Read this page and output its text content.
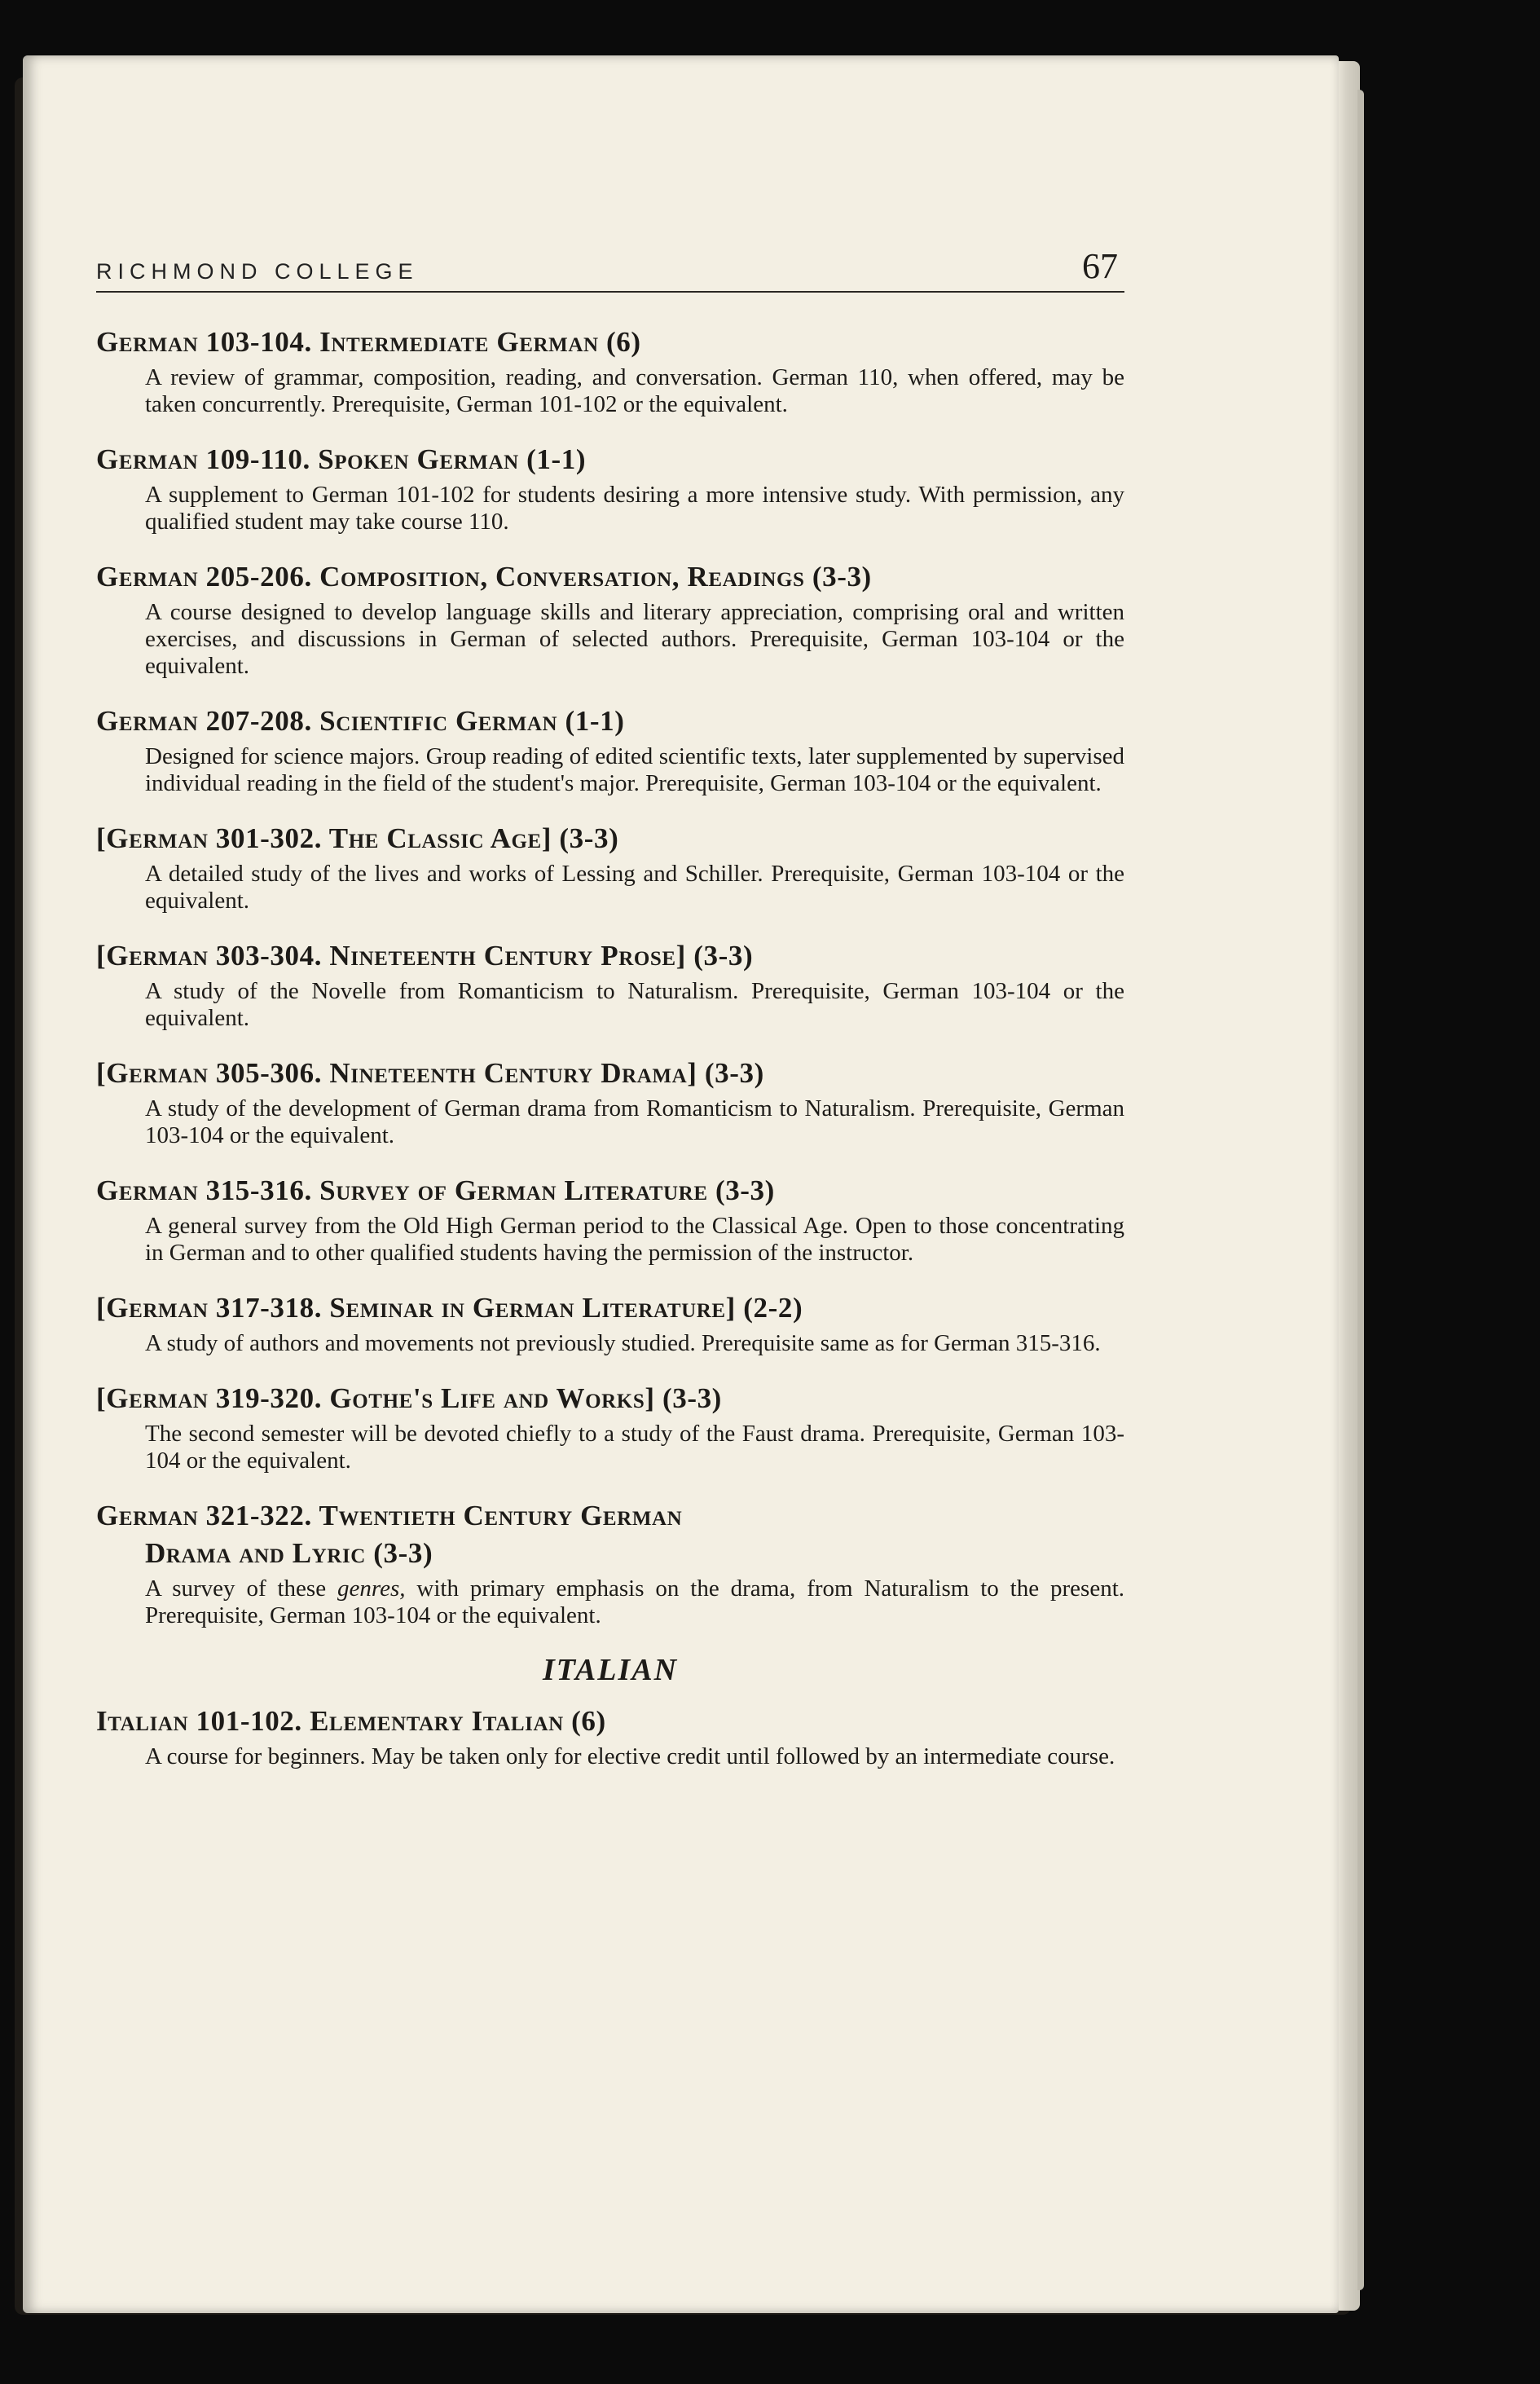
RICHMOND COLLEGE	67
German 103-104. Intermediate German (6)

A review of grammar, composition, reading, and conversation. German 110, when offered, may be taken concurrently. Prerequisite, German 101-102 or the equivalent.

German 109-110. Spoken German (1-1)

A supplement to German 101-102 for students desiring a more intensive study. With permission, any qualified student may take course 110.

German 205-206. Composition, Conversation, Readings (3-3)

A course designed to develop language skills and literary appreciation, comprising oral and written exercises, and discussions in German of selected authors. Prerequisite, German 103-104 or the equivalent.

German 207-208. Scientific German (1-1)

Designed for science majors. Group reading of edited scientific texts, later supplemented by supervised individual reading in the field of the student's major. Prerequisite, German 103-104 or the equivalent.

[German 301-302. The Classic Age] (3-3)

A detailed study of the lives and works of Lessing and Schiller. Prerequisite, German 103-104 or the equivalent.

[German 303-304. Nineteenth Century Prose] (3-3)

A study of the Novelle from Romanticism to Naturalism. Prerequisite, German 103-104 or the equivalent.

[German 305-306. Nineteenth Century Drama] (3-3)

A study of the development of German drama from Romanticism to Naturalism. Prerequisite, German 103-104 or the equivalent.

German 315-316. Survey of German Literature (3-3)

A general survey from the Old High German period to the Classical Age. Open to those concentrating in German and to other qualified students having the permission of the instructor.

[German 317-318. Seminar in German Literature] (2-2)

A study of authors and movements not previously studied. Prerequisite same as for German 315-316.

[German 319-320. Gothe's Life and Works] (3-3)

The second semester will be devoted chiefly to a study of the Faust drama. Prerequisite, German 103-104 or the equivalent.

German 321-322. Twentieth Century German
Drama and Lyric (3-3)

A survey of these genres, with primary emphasis on the drama, from Naturalism to the present. Prerequisite, German 103-104 or the equivalent.

ITALIAN
Italian 101-102. Elementary Italian (6)

A course for beginners. May be taken only for elective credit until followed by an intermediate course.
